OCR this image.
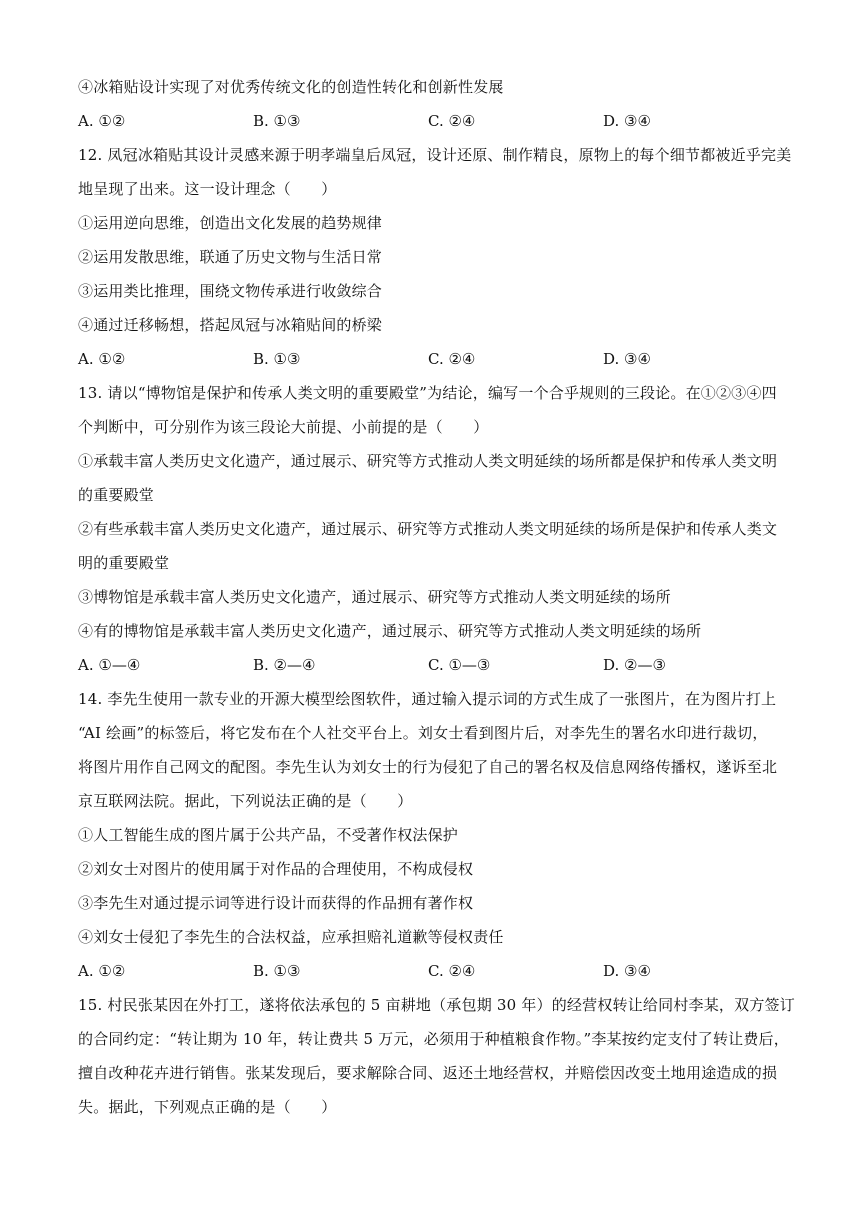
④冰箱贴设计实现了对优秀传统文化的创造性转化和创新性发展
A. ①②	B. ①③	C. ②④	D. ③④
12. 凤冠冰箱贴其设计灵感来源于明孝端皇后凤冠，设计还原、制作精良，原物上的每个细节都被近乎完美
地呈现了出来。这一设计理念（　　）
①运用逆向思维，创造出文化发展的趋势规律
②运用发散思维，联通了历史文物与生活日常
③运用类比推理，围绕文物传承进行收敛综合
④通过迁移畅想，搭起凤冠与冰箱贴间的桥梁
A. ①②	B. ①③	C. ②④	D. ③④
13. 请以“博物馆是保护和传承人类文明的重要殿堂”为结论，编写一个合乎规则的三段论。在①②③④四
个判断中，可分别作为该三段论大前提、小前提的是（　　）
①承载丰富人类历史文化遗产，通过展示、研究等方式推动人类文明延续的场所都是保护和传承人类文明
的重要殿堂
②有些承载丰富人类历史文化遗产，通过展示、研究等方式推动人类文明延续的场所是保护和传承人类文
明的重要殿堂
③博物馆是承载丰富人类历史文化遗产，通过展示、研究等方式推动人类文明延续的场所
④有的博物馆是承载丰富人类历史文化遗产，通过展示、研究等方式推动人类文明延续的场所
A. ①—④	B. ②—④	C. ①—③	D. ②—③
14. 李先生使用一款专业的开源大模型绘图软件，通过输入提示词的方式生成了一张图片，在为图片打上
“AI 绘画”的标签后，将它发布在个人社交平台上。刘女士看到图片后，对李先生的署名水印进行裁切，
将图片用作自己网文的配图。李先生认为刘女士的行为侵犯了自己的署名权及信息网络传播权，遂诉至北
京互联网法院。据此，下列说法正确的是（　　）
①人工智能生成的图片属于公共产品，不受著作权法保护
②刘女士对图片的使用属于对作品的合理使用，不构成侵权
③李先生对通过提示词等进行设计而获得的作品拥有著作权
④刘女士侵犯了李先生的合法权益，应承担赔礼道歉等侵权责任
A. ①②	B. ①③	C. ②④	D. ③④
15. 村民张某因在外打工，遂将依法承包的 5 亩耕地（承包期 30 年）的经营权转让给同村李某，双方签订
的合同约定：“转让期为 10 年，转让费共 5 万元，必须用于种植粮食作物。”李某按约定支付了转让费后，
擅自改种花卉进行销售。张某发现后，要求解除合同、返还土地经营权，并赔偿因改变土地用途造成的损
失。据此，下列观点正确的是（　　）
